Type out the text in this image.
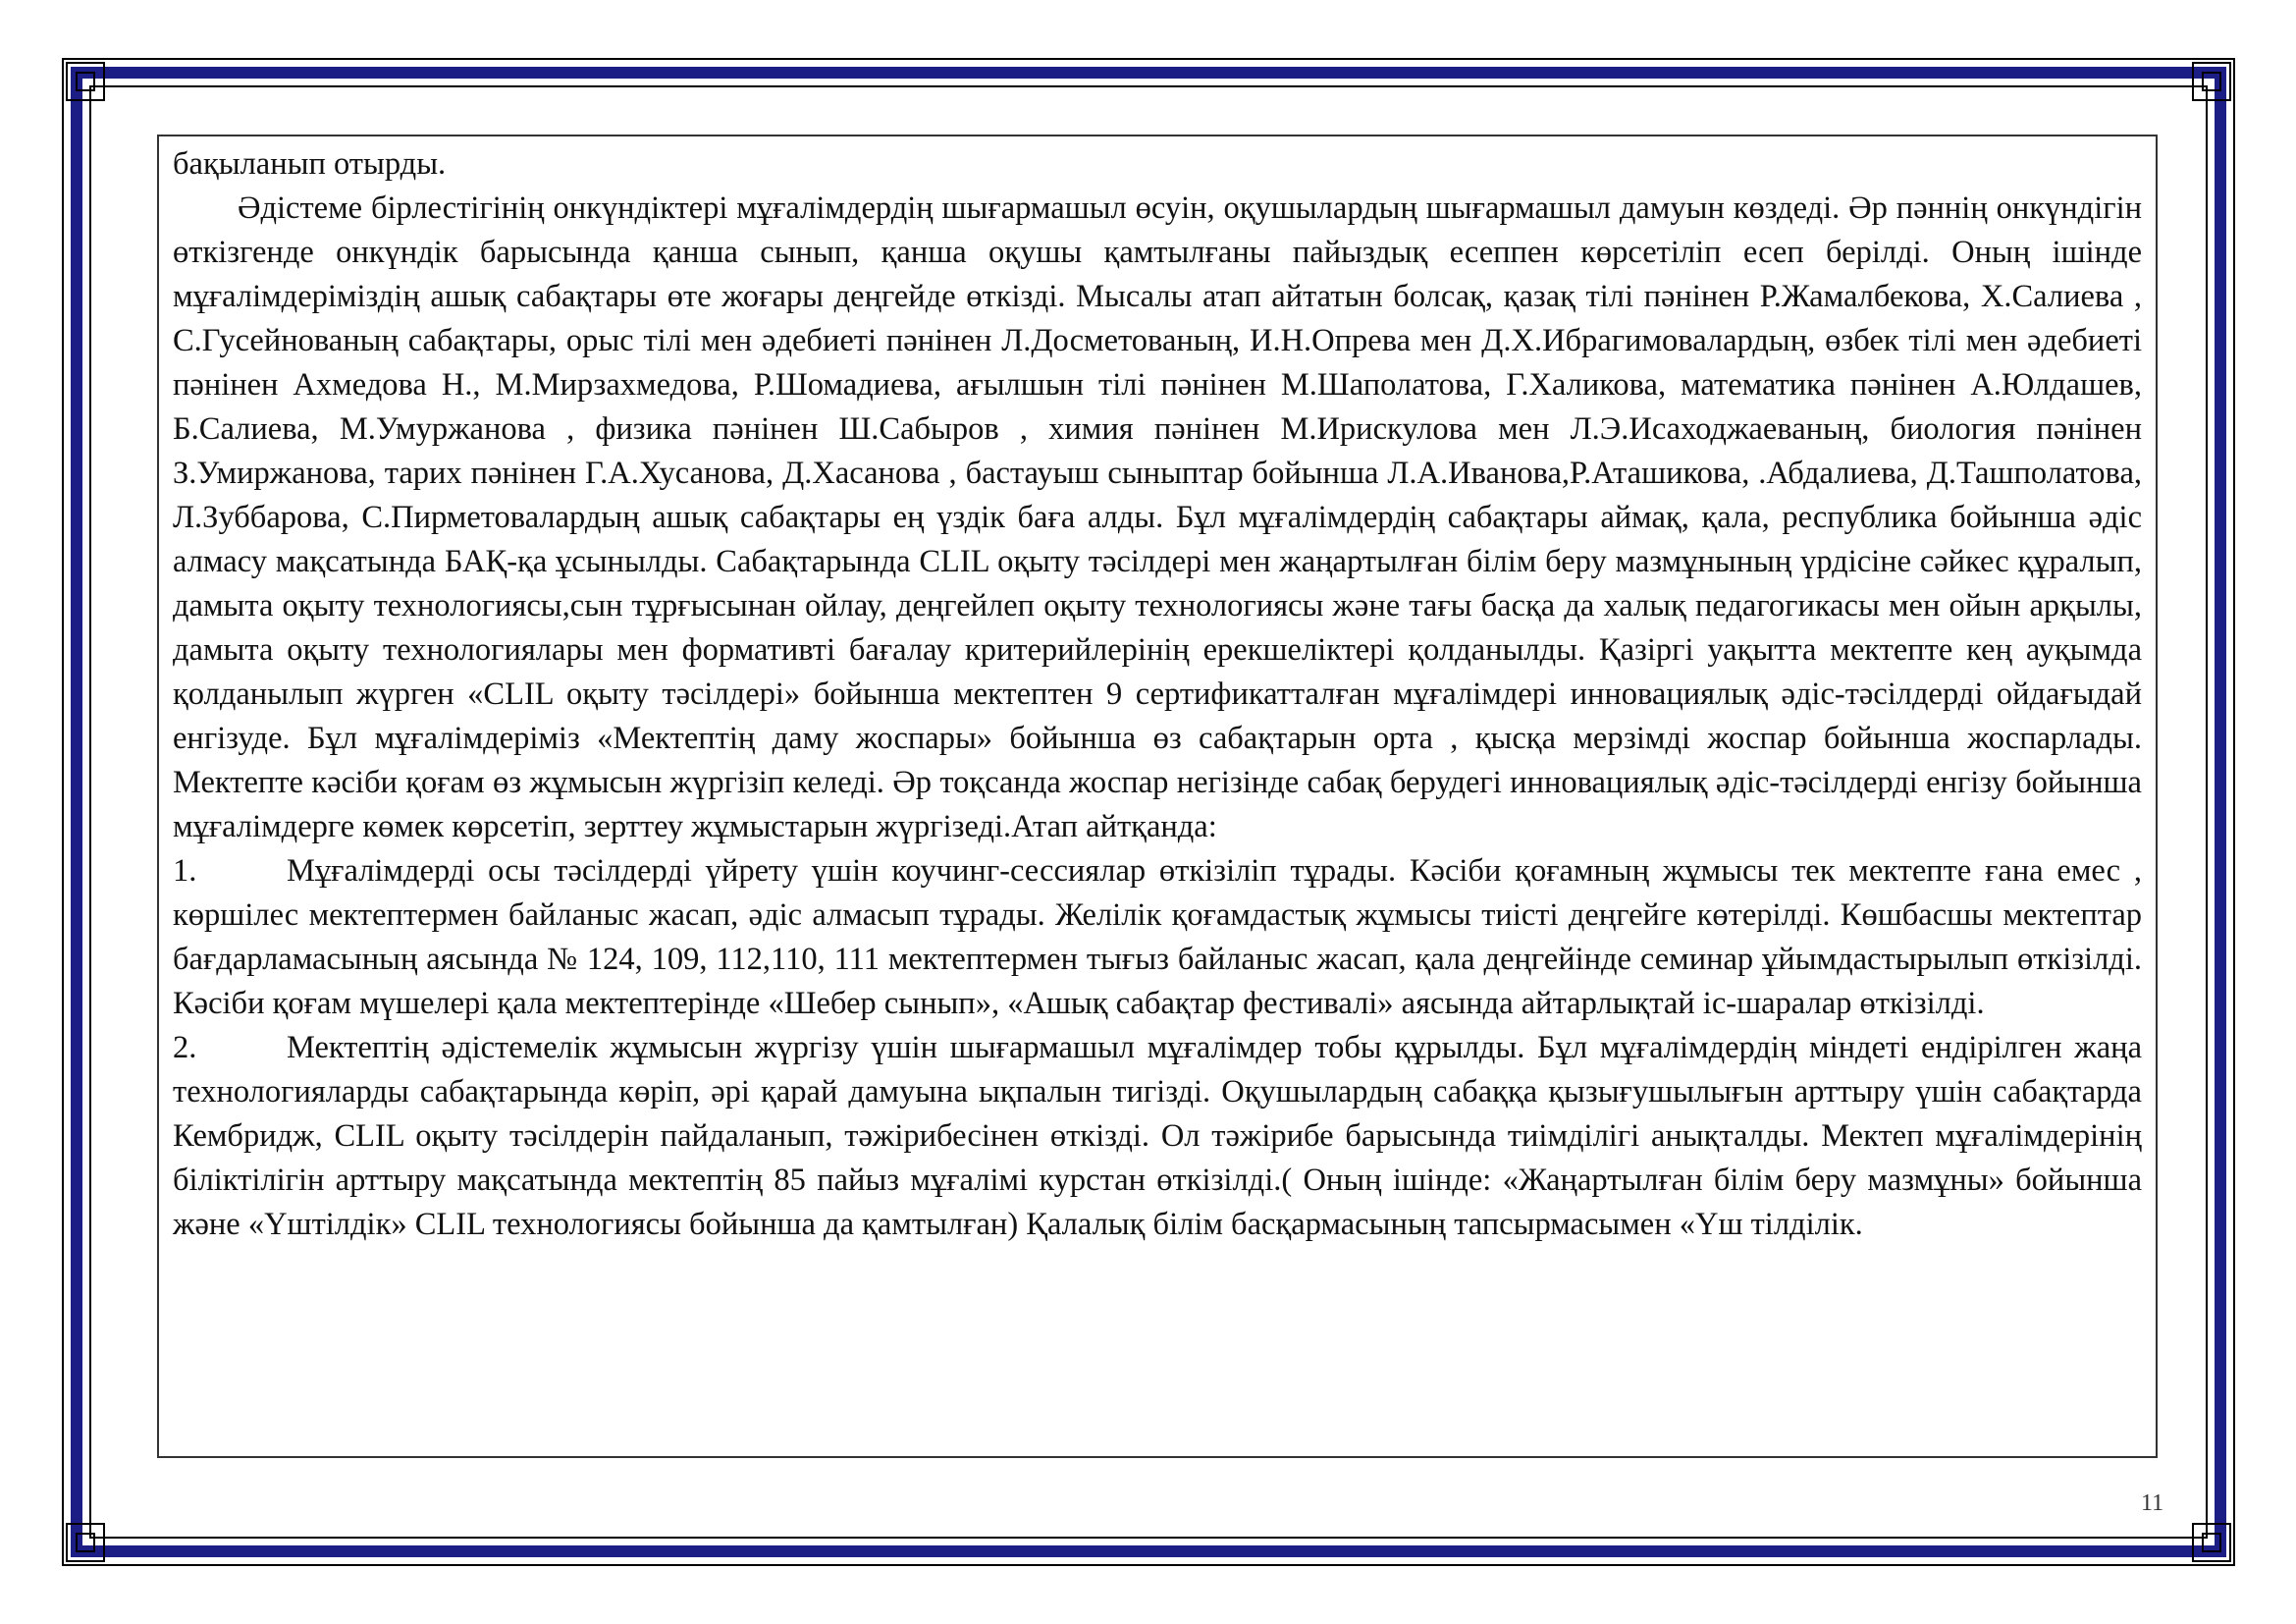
бақыланып отырды.

Әдістеме бірлестігінің онкүндіктері мұғалімдердің шығармашыл өсуін, оқушылардың шығармашыл дамуын көздеді. Әр пәннің онкүндігін өткізгенде онкүндік барысында қанша сынып, қанша оқушы қамтылғаны пайыздық есеппен көрсетіліп есеп берілді. Оның ішінде мұғалімдеріміздің ашық сабақтары өте жоғары деңгейде өткізді. Мысалы атап айтатын болсақ, қазақ тілі пәнінен Р.Жамалбекова, Х.Салиева , С.Гусейнованың сабақтары, орыс тілі мен әдебиеті пәнінен Л.Досметованың, И.Н.Опрева мен Д.Х.Ибрагимовалардың, өзбек тілі мен әдебиеті пәнінен Ахмедова Н., М.Мирзахмедова, Р.Шомадиева, ағылшын тілі пәнінен М.Шаполатова, Г.Халикова, математика пәнінен А.Юлдашев, Б.Салиева, М.Умуржанова , физика пәнінен Ш.Сабыров , химия пәнінен М.Ирискулова мен Л.Э.Исаходжаеваның, биология пәнінен З.Умиржанова, тарих пәнінен Г.А.Хусанова, Д.Хасанова , бастауыш сыныптар бойынша Л.А.Иванова,Р.Аташикова, .Абдалиева, Д.Ташполатова, Л.Зуббарова, С.Пирметовалардың ашық сабақтары ең үздік баға алды. Бұл мұғалімдердің сабақтары аймақ, қала, республика бойынша әдіс алмасу мақсатында БАҚ-қа ұсынылды. Сабақтарында CLIL оқыту тәсілдері мен жаңартылған білім беру мазмұнының үрдісіне сәйкес құралып, дамыта оқыту технологиясы,сын тұрғысынан ойлау, деңгейлеп оқыту технологиясы және тағы басқа да халық педагогикасы мен ойын арқылы, дамыта оқыту технологиялары мен формативті бағалау критерийлерінің ерекшеліктері қолданылды. Қазіргі уақытта мектепте кең ауқымда қолданылып жүрген «CLIL оқыту тәсілдері» бойынша мектептен 9 сертификатталған мұғалімдері инновациялық әдіс-тәсілдерді ойдағыдай енгізуде. Бұл мұғалімдеріміз «Мектептің даму жоспары» бойынша өз сабақтарын орта , қысқа мерзімді жоспар бойынша жоспарлады. Мектепте кәсіби қоғам өз жұмысын жүргізіп келеді. Әр тоқсанда жоспар негізінде сабақ берудегі инновациялық әдіс-тәсілдерді енгізу бойынша мұғалімдерге көмек көрсетіп, зерттеу жұмыстарын жүргізеді.Атап айтқанда:

1.	Мұғалімдерді осы тәсілдерді үйрету үшін коучинг-сессиялар өткізіліп тұрады. Кәсіби қоғамның жұмысы тек мектепте ғана емес , көршілес мектептермен байланыс жасап, әдіс алмасып тұрады. Желілік қоғамдастық жұмысы тиісті деңгейге көтерілді. Көшбасшы мектептар бағдарламасының аясында № 124, 109, 112,110, 111 мектептермен тығыз байланыс жасап, қала деңгейінде семинар ұйымдастырылып өткізілді. Кәсіби қоғам мүшелері қала мектептерінде «Шебер сынып», «Ашық сабақтар фестивалі» аясында айтарлықтай іс-шаралар өткізілді.

2.	Мектептің әдістемелік жұмысын жүргізу үшін шығармашыл мұғалімдер тобы құрылды. Бұл мұғалімдердің міндеті ендірілген жаңа технологияларды сабақтарында көріп, әрі қарай дамуына ықпалын тигізді. Оқушылардың сабаққа қызығушылығын арттыру үшін сабақтарда Кембридж, CLIL оқыту тәсілдерін пайдаланып, тәжірибесінен өткізді. Ол тәжірибе барысында тиімділігі анықталды. Мектеп мұғалімдерінің біліктілігін арттыру мақсатында мектептің 85 пайыз мұғалімі курстан өткізілді.( Оның ішінде: «Жаңартылған білім беру мазмұны» бойынша және «Үштілдік» CLIL технологиясы бойынша да қамтылған) Қалалық білім басқармасының тапсырмасымен «Үш тілділік.

11
